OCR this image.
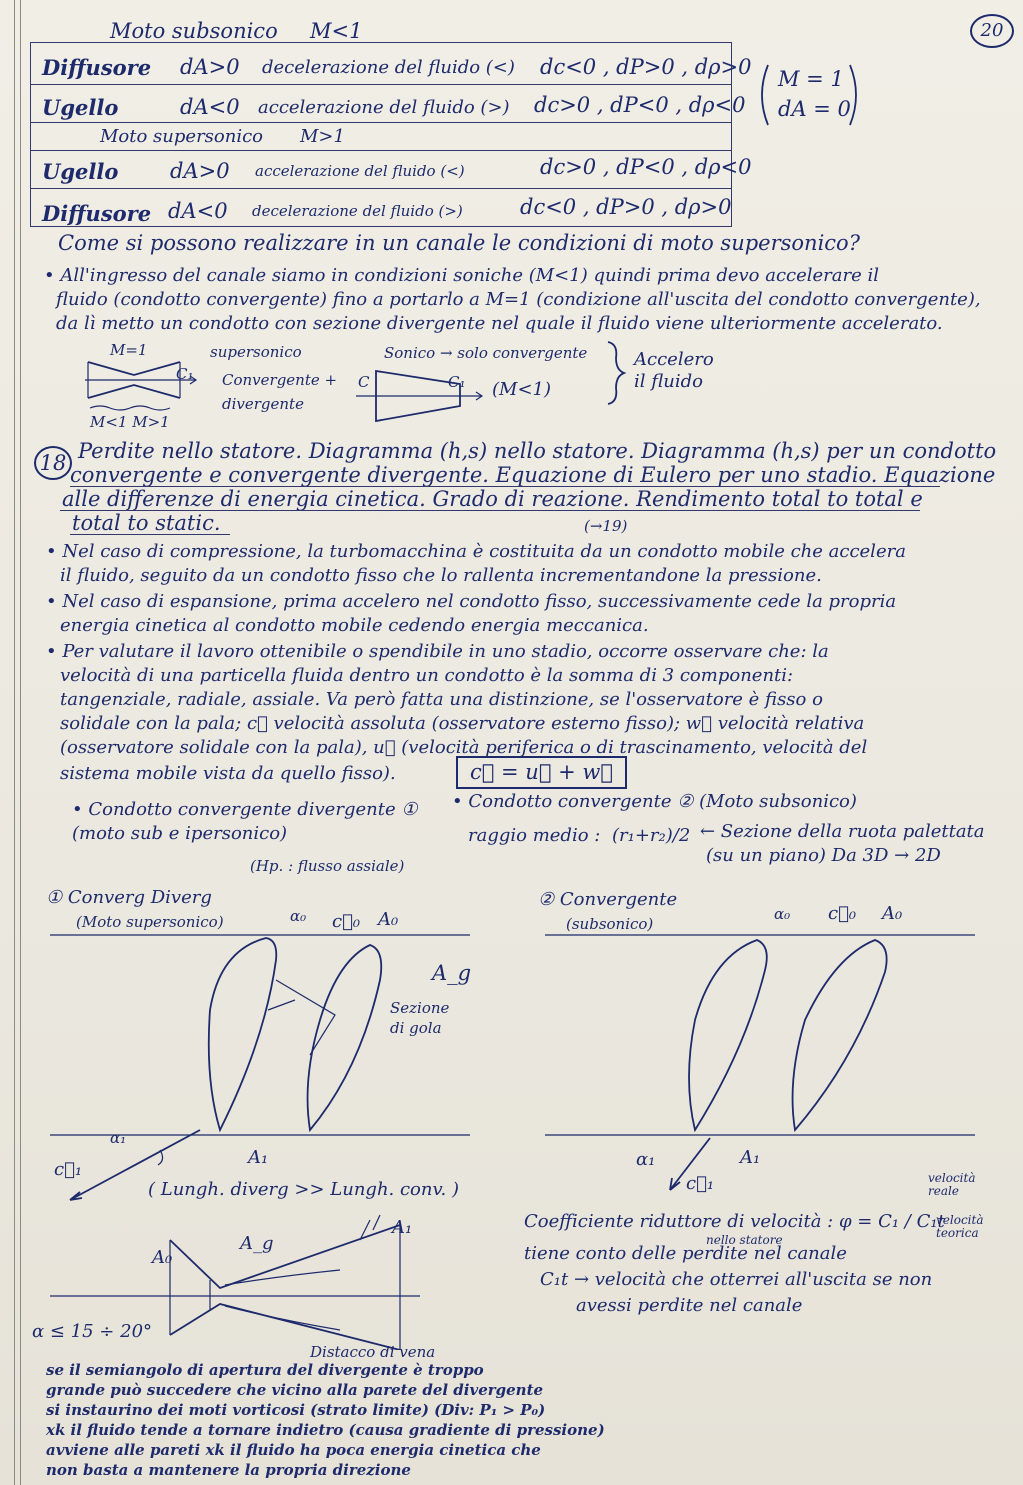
20
Moto subsonico M<1
Diffusore dA>0 decelerazione del fluido (<) dc<0 , dP>0 , dρ>0
Ugello	dA<0 accelerazione del fluido (>) dc>0 , dP<0 , dρ<0
Moto supersonico M>1
Ugello dA>0 accelerazione del fluido (<)	dc>0 , dP<0 , dρ<0
Diffusore dA<0 decelerazione del fluido (>)	dc<0 , dP>0 , dρ>0
M = 1
dA = 0
Come si possono realizzare in un canale le condizioni di moto supersonico?
• All'ingresso del canale siamo in condizioni soniche (M<1) quindi prima devo accelerare il
fluido (condotto convergente) fino a portarlo a M=1 (condizione all'uscita del condotto convergente),
da lì metto un condotto con sezione divergente nel quale il fluido viene ulteriormente accelerato.
M=1
C₁
supersonico
Convergente +
divergente
M<1 M>1
Sonico → solo convergente
C	C₁ (M<1)
Accelero
il fluido
18 Perdite nello statore. Diagramma (h,s) nello statore. Diagramma (h,s) per un condotto
convergente e convergente divergente. Equazione di Eulero per uno stadio. Equazione
alle differenze di energia cinetica. Grado di reazione. Rendimento total to total e
total to static.	(→19)
• Nel caso di compressione, la turbomacchina è costituita da un condotto mobile che accelera
il fluido, seguito da un condotto fisso che lo rallenta incrementandone la pressione.
• Nel caso di espansione, prima accelero nel condotto fisso, successivamente cede la propria
energia cinetica al condotto mobile cedendo energia meccanica.
• Per valutare il lavoro ottenibile o spendibile in uno stadio, occorre osservare che: la
velocità di una particella fluida dentro un condotto è la somma di 3 componenti:
tangenziale, radiale, assiale. Va però fatta una distinzione, se l'osservatore è fisso o
solidale con la pala; c⃗ velocità assoluta (osservatore esterno fisso); w⃗ velocità relativa
(osservatore solidale con la pala), u⃗ (velocità periferica o di trascinamento, velocità del
sistema mobile vista da quello fisso).	c⃗ = u⃗ + w⃗
• Condotto convergente divergente ①
(moto sub e ipersonico)
• Condotto convergente ② (Moto subsonico)
raggio medio : (r₁+r₂)/2 ← Sezione della ruota palettata
(su un piano) Da 3D → 2D
(Hp. : flusso assiale)
① Converg Diverg
(Moto supersonico)	α₀ c⃗₀ A₀
A_g
Sezione
di gola
α₁
c⃗₁
A₁
( Lungh. diverg >> Lungh. conv. )
② Convergente
(subsonico)
α₀ c⃗₀ A₀
α₁
c⃗₁
A₁
A₀
A₁
A_g
α ≤ 15 ÷ 20°
Distacco di vena
Coefficiente riduttore di velocità : φ = C₁ / C₁t
nello statore
velocità reale
velocità teorica
tiene conto delle perdite nel canale
C₁t → velocità che otterrei all'uscita se non
avessi perdite nel canale
se il semiangolo di apertura del divergente è troppo
grande può succedere che vicino alla parete del divergente
si instaurino dei moti vorticosi (strato limite) (Div: P₁ > P₀)
xk il fluido tende a tornare indietro (causa gradiente di pressione)
avviene alle pareti xk il fluido ha poca energia cinetica che
non basta a mantenere la propria direzione
